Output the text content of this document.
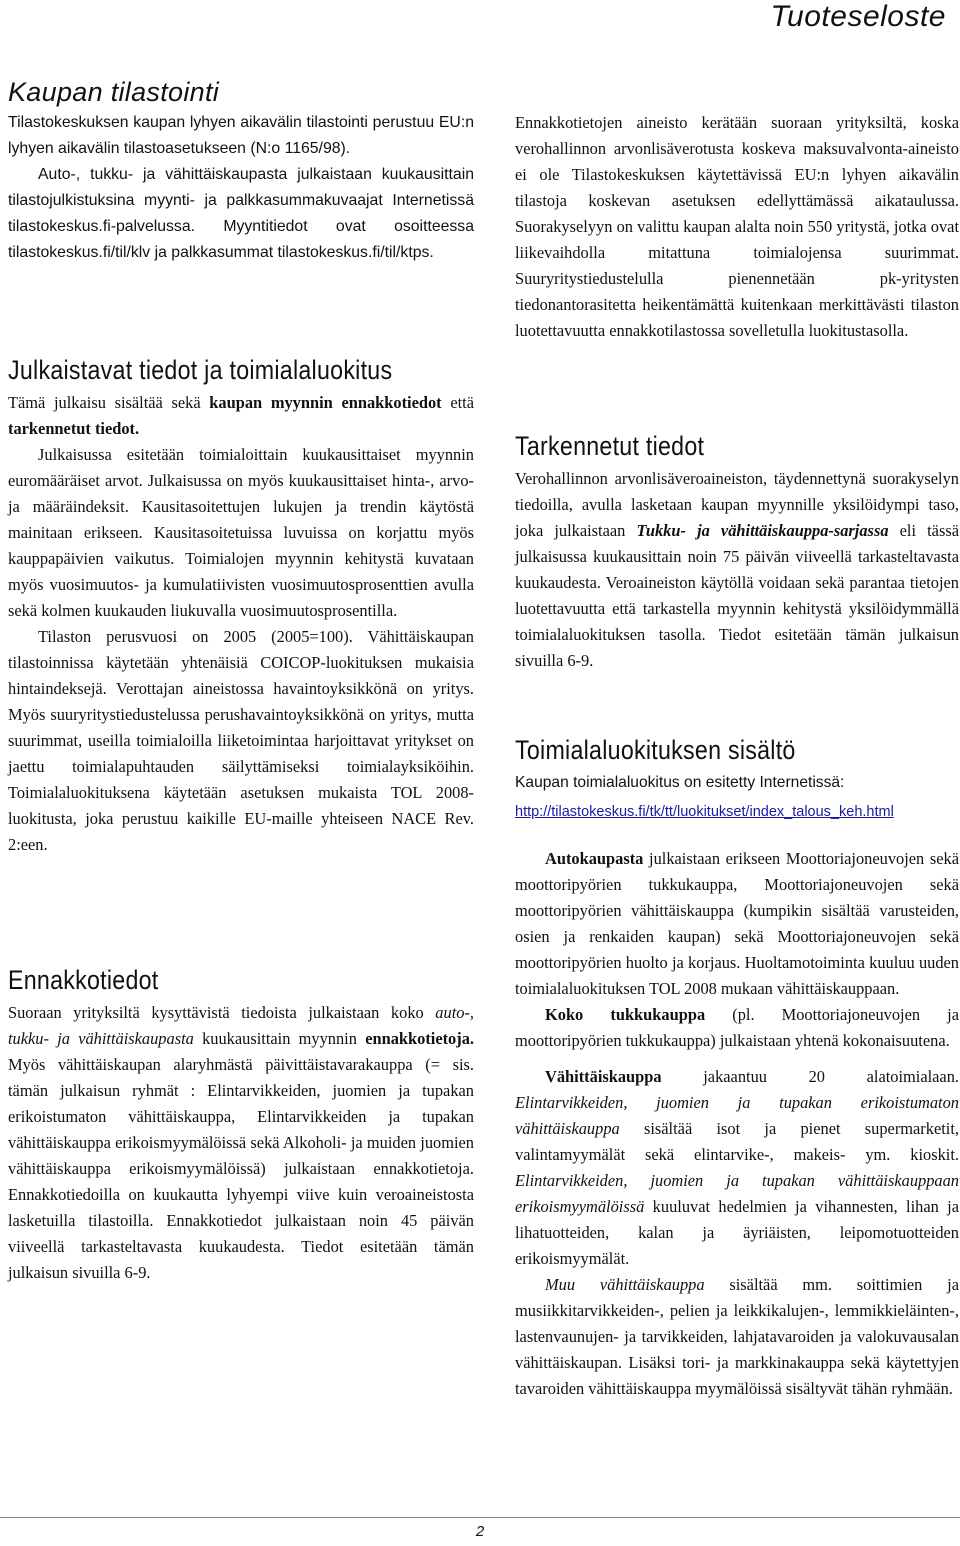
Tuoteseloste
Kaupan tilastointi

Tilastokeskuksen kaupan lyhyen aikavälin tilastointi perustuu EU:n lyhyen aikavälin tilastoasetukseen (N:o 1165/98).

Auto-, tukku- ja vähittäiskaupasta julkaistaan kuukausittain tilastojulkistuksina myynti- ja palkkasummakuvaajat Internetissä tilastokeskus.fi-palvelussa. Myyntitiedot ovat osoitteessa tilastokeskus.fi/til/klv ja palkkasummat tilastokeskus.fi/til/ktps.

Julkaistavat tiedot ja toimialaluokitus

Tämä julkaisu sisältää sekä kaupan myynnin ennakkotiedot että tarkennetut tiedot.

Julkaisussa esitetään toimialoittain kuukausittaiset myynnin euromääräiset arvot. Julkaisussa on myös kuukausittaiset hinta-, arvo- ja määräindeksit. Kausitasoitettujen lukujen ja trendin käytöstä mainitaan erikseen. Kausitasoitetuissa luvuissa on korjattu myös kauppapäivien vaikutus. Toimialojen myynnin kehitystä kuvataan myös vuosimuutos- ja kumulatiivisten vuosimuutosprosenttien avulla sekä kolmen kuukauden liukuvalla vuosimuutosprosentilla.

Tilaston perusvuosi on 2005 (2005=100). Vähittäiskaupan tilastoinnissa käytetään yhtenäisiä COICOP-luokituksen mukaisia hintaindeksejä. Verottajan aineistossa havaintoyksikkönä on yritys. Myös suuryritystiedustelussa perushavaintoyksikkönä on yritys, mutta suurimmat, useilla toimialoilla liiketoimintaa harjoittavat yritykset on jaettu toimialapuhtauden säilyttämiseksi toimialayksiköihin. Toimialaluokituksena käytetään asetuksen mukaista TOL 2008-luokitusta, joka perustuu kaikille EU-maille yhteiseen NACE Rev. 2:een.

Ennakkotiedot

Suoraan yrityksiltä kysyttävistä tiedoista julkaistaan koko auto-, tukku- ja vähittäiskaupasta kuukausittain myynnin ennakkotietoja. Myös vähittäiskaupan alaryhmästä päivittäistavarakauppa (= sis. tämän julkaisun ryhmät : Elintarvikkeiden, juomien ja tupakan erikoistumaton vähittäiskauppa, Elintarvikkeiden ja tupakan vähittäiskauppa erikoismyymälöissä sekä Alkoholi- ja muiden juomien vähittäiskauppa erikoismyymälöissä) julkaistaan ennakkotietoja. Ennakkotiedoilla on kuukautta lyhyempi viive kuin veroaineistosta lasketuilla tilastoilla. Ennakkotiedot julkaistaan noin 45 päivän viiveellä tarkasteltavasta kuukaudesta. Tiedot esitetään tämän julkaisun sivuilla 6-9.

Ennakkotietojen aineisto kerätään suoraan yrityksiltä, koska verohallinnon arvonlisäverotusta koskeva maksuvalvonta-aineisto ei ole Tilastokeskuksen käytettävissä EU:n lyhyen aikavälin tilastoja koskevan asetuksen edellyttämässä aikataulussa. Suorakyselyyn on valittu kaupan alalta noin 550 yritystä, jotka ovat liikevaihdolla mitattuna toimialojensa suurimmat. Suuryritystiedustelulla pienennetään pk-yritysten tiedonantorasitetta heikentämättä kuitenkaan merkittävästi tilaston luotettavuutta ennakkotilastossa sovelletulla luokitustasolla.

Tarkennetut tiedot

Verohallinnon arvonlisäveroaineiston, täydennettynä suorakyselyn tiedoilla, avulla lasketaan kaupan myynnille yksilöidympi taso, joka julkaistaan Tukku- ja vähittäiskauppa-sarjassa eli tässä julkaisussa kuukausittain noin 75 päivän viiveellä tarkasteltavasta kuukaudesta. Veroaineiston käytöllä voidaan sekä parantaa tietojen luotettavuutta että tarkastella myynnin kehitystä yksilöidymmällä toimialaluokituksen tasolla. Tiedot esitetään tämän julkaisun sivuilla 6-9.

Toimialaluokituksen sisältö

Kaupan toimialaluokitus on esitetty Internetissä:

http://tilastokeskus.fi/tk/tt/luokitukset/index_talous_keh.html

Autokaupasta julkaistaan erikseen Moottoriajoneuvojen sekä moottoripyörien tukkukauppa, Moottoriajoneuvojen sekä moottoripyörien vähittäiskauppa (kumpikin sisältää varusteiden, osien ja renkaiden kaupan) sekä Moottoriajoneuvojen sekä moottoripyörien huolto ja korjaus. Huoltamotoiminta kuuluu uuden toimialaluokituksen TOL 2008 mukaan vähittäiskauppaan.

Koko tukkukauppa (pl. Moottoriajoneuvojen ja moottoripyörien tukkukauppa) julkaistaan yhtenä kokonaisuutena.

Vähittäiskauppa jakaantuu 20 alatoimialaan. Elintarvikkeiden, juomien ja tupakan erikoistumaton vähittäiskauppa sisältää isot ja pienet supermarketit, valintamyymälät sekä elintarvike-, makeis- ym. kioskit. Elintarvikkeiden, juomien ja tupakan vähittäiskauppaan erikoismyymälöissä kuuluvat hedelmien ja vihannesten, lihan ja lihatuotteiden, kalan ja äyriäisten, leipomotuotteiden erikoismyymälät.

Muu vähittäiskauppa sisältää mm. soittimien ja musiikkitarvikkeiden-, pelien ja leikkikalujen-, lemmikkieläinten-, lastenvaunujen- ja tarvikkeiden, lahjatavaroiden ja valokuvausalan vähittäiskaupan. Lisäksi tori- ja markkinakauppa sekä käytettyjen tavaroiden vähittäiskauppa myymälöissä sisältyvät tähän ryhmään.

2
